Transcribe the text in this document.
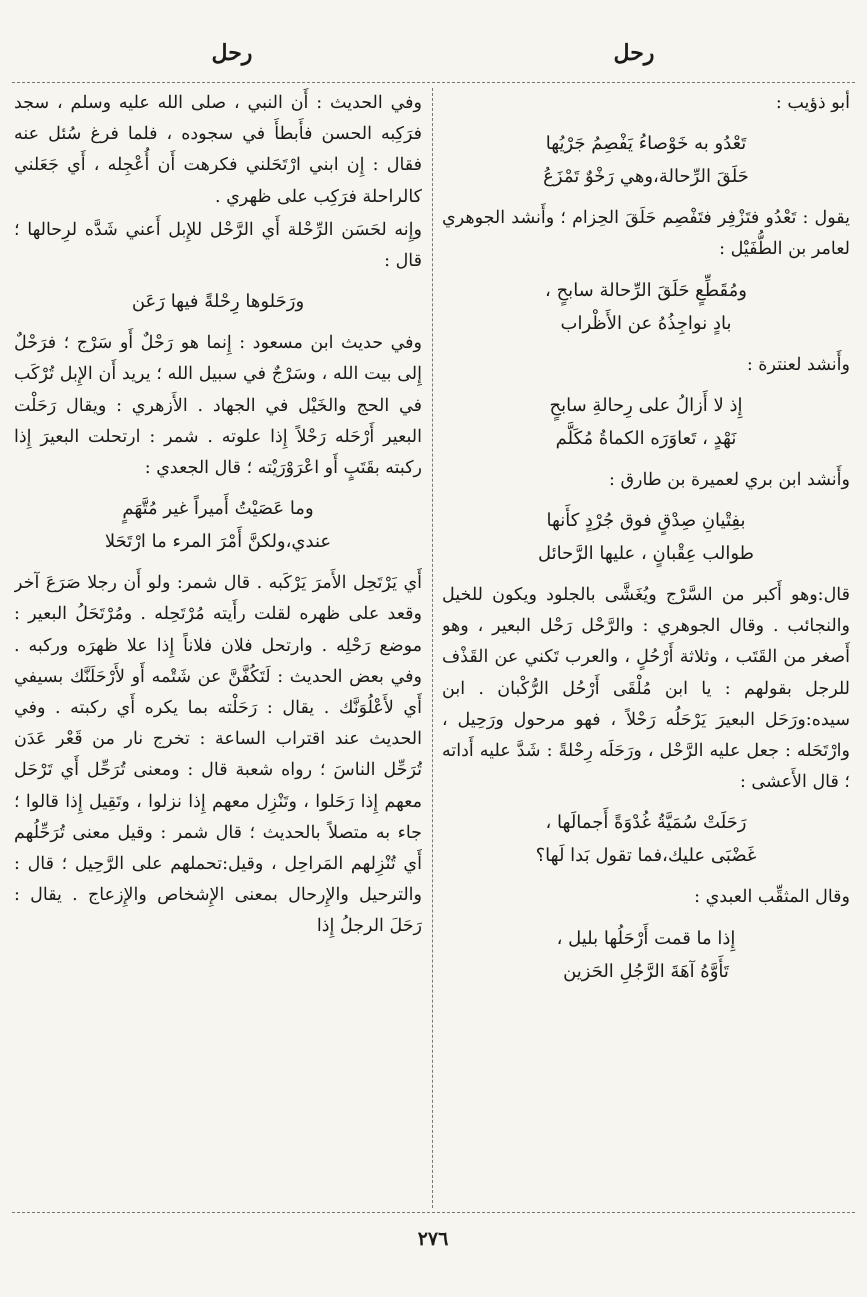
رحل
رحل

أبو ذؤيب :

تَعْدُو به خَوْصاءُ يَفْصِمُ جَرْيُها
حَلَقَ الرِّحالة،وهي رَخْوٌ تَمْزَعُ

يقول : تَعْدُو فتَزْفِر فتَفْصِم حَلَقَ الحِزام ؛ وأَنشد الجوهري لعامر بن الطُّفَيْل :

ومُقَطِّعٍ حَلَقَ الرِّحالة سابحٍ ،
بادٍ نواجِذُهُ عن الأَظْراب

وأَنشد لعنترة :

إِذ لا أَزالُ على رِحالةِ سابحٍ
نَهْدٍ ، تَعاوَرَه الكماةُ مُكَلَّم

وأَنشد ابن بري لعميرة بن طارق :

بفِتْيانِ صِدْقٍ فوق جُرْدٍ كأَنها
طوالب عِقْبانٍ ، عليها الرَّحائل

قال:وهو أَكبر من السَّرْج ويُغَشَّى بالجلود ويكون للخيل والنجائب . وقال الجوهري : والرَّحْل رَحْل البعير ، وهو أَصغر من القَتَب ، وثلاثة أَرْحُلٍ ، والعرب تَكني عن القَذْف للرجل بقولهم : يا ابن مُلْقَى أَرْحُل الرُّكْبان . ابن سيده:ورَحَل البعيرَ يَرْحَلُه رَحْلاً ، فهو مرحول ورَحِيل ، وارْتَحَله : جعل عليه الرَّحْل ، ورَحَلَه رِحْلةً : شَدَّ عليه أَداته ؛ قال الأَعشى :

رَحَلَتْ سُمَيَّةُ غُدْوَةً أَجمالَها ،
غَضْبَى عليك،فما تقول بَدا لَها؟

وقال المثقِّب العبدي :

إِذا ما قمت أَرْحَلُها بليل ،
تَأَوَّهُ آهَةَ الرَّجُلِ الحَزين

وفي الحديث : أَن النبي ، صلى الله عليه وسلم ، سجد فرَكِبه الحسن فأَبطأَ في سجوده ، فلما فرغ سُئل عنه فقال : إِن ابني ارْتَحَلني فكرهت أَن أُعْجِله ، أَي جَعَلني كالراحلة فرَكِب على ظهري .

وإِنه لحَسَن الرِّحْلة أَي الرَّحْل للإِبل أَعني شَدَّه لرِحالها ؛ قال :

ورَحَلوها رِحْلةً فيها رَعَن

وفي حديث ابن مسعود : إِنما هو رَحْلٌ أَو سَرْج ؛ فرَحْلٌ إِلى بيت الله ، وسَرْجٌ في سبيل الله ؛ يريد أَن الإِبل تُرْكَب في الحج والخَيْل في الجهاد . الأَزهري : ويقال رَحَلْت البعير أَرْحَله رَحْلاً إِذا علوته . شمر : ارتحلت البعيرَ إِذا ركبته بقَتَبٍ أَو اعْرَوْرَيْته ؛ قال الجعدي :

وما عَصَيْتُ أَميراً غير مُتَّهَمٍ
عندي،ولكنَّ أَمْرَ المرء ما ارْتَحَلا

أَي يَرْتَحِل الأَمرَ يَرْكَبه . قال شمر: ولو أَن رجلا صَرَعَ آخر وقعد على ظهره لقلت رأَيته مُرْتَحِله . ومُرْتَحَلُ البعير : موضع رَحْلِه . وارتحل فلان فلاناً إِذا علا ظهرَه وركبه . وفي بعض الحديث : لَتَكُفَّنَّ عن شَتْمه أَو لأَرْحَلَنَّك بسيفي أَي لأَعْلُوَنَّك . يقال : رَحَلْته بما يكره أَي ركبته . وفي الحديث عند اقتراب الساعة : تخرج نار من قَعْر عَدَن تُرَحِّل الناسَ ؛ رواه شعبة قال : ومعنى تُرَحِّل أَي تَرْحَل معهم إِذا رَحَلوا ، وتَنْزِل معهم إِذا نزلوا ، وتَقِيل إِذا قالوا ؛ جاء به متصلاً بالحديث ؛ قال شمر : وقيل معنى تُرَحِّلُهم أَي تُنْزِلهم المَراحِل ، وقيل:تحملهم على الرَّحِيل ؛ قال : والترحيل والإِرحال بمعنى الإِشخاص والإِزعاج . يقال : رَحَلَ الرجلُ إِذا

٢٧٦
